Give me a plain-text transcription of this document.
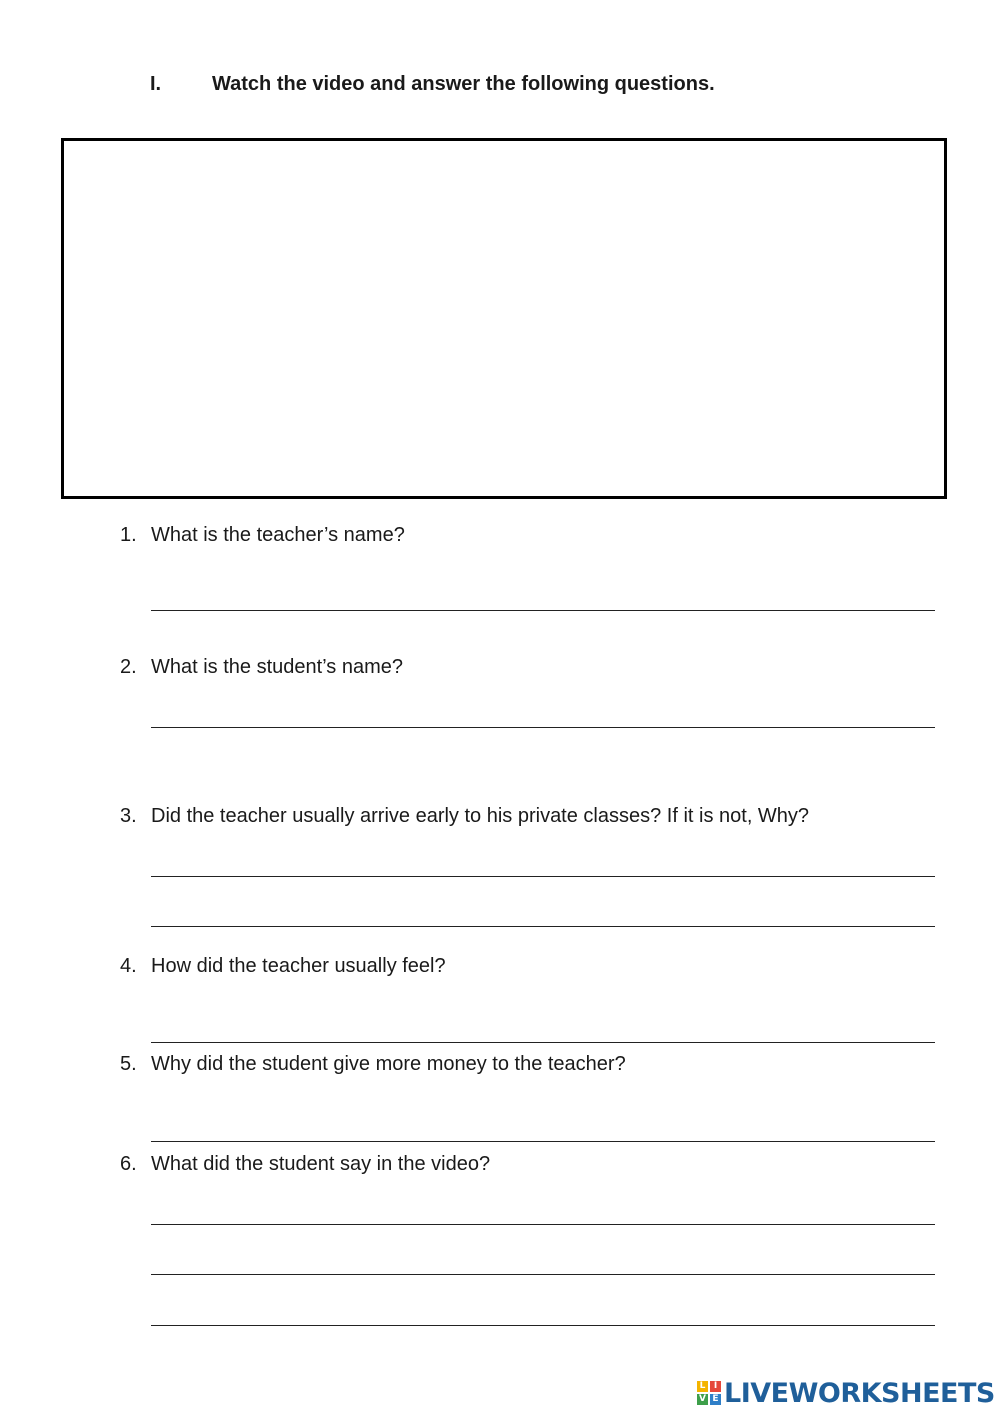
I.	Watch the video and answer the following questions.
1. What is the teacher’s name?
2. What is the student’s name?
3. Did the teacher usually arrive early to his private classes? If it is not, Why?
4. How did the teacher usually feel?
5. Why did the student give more money to the teacher?
6. What did the student say in the video?
L I
V E LIVEWORKSHEETS
